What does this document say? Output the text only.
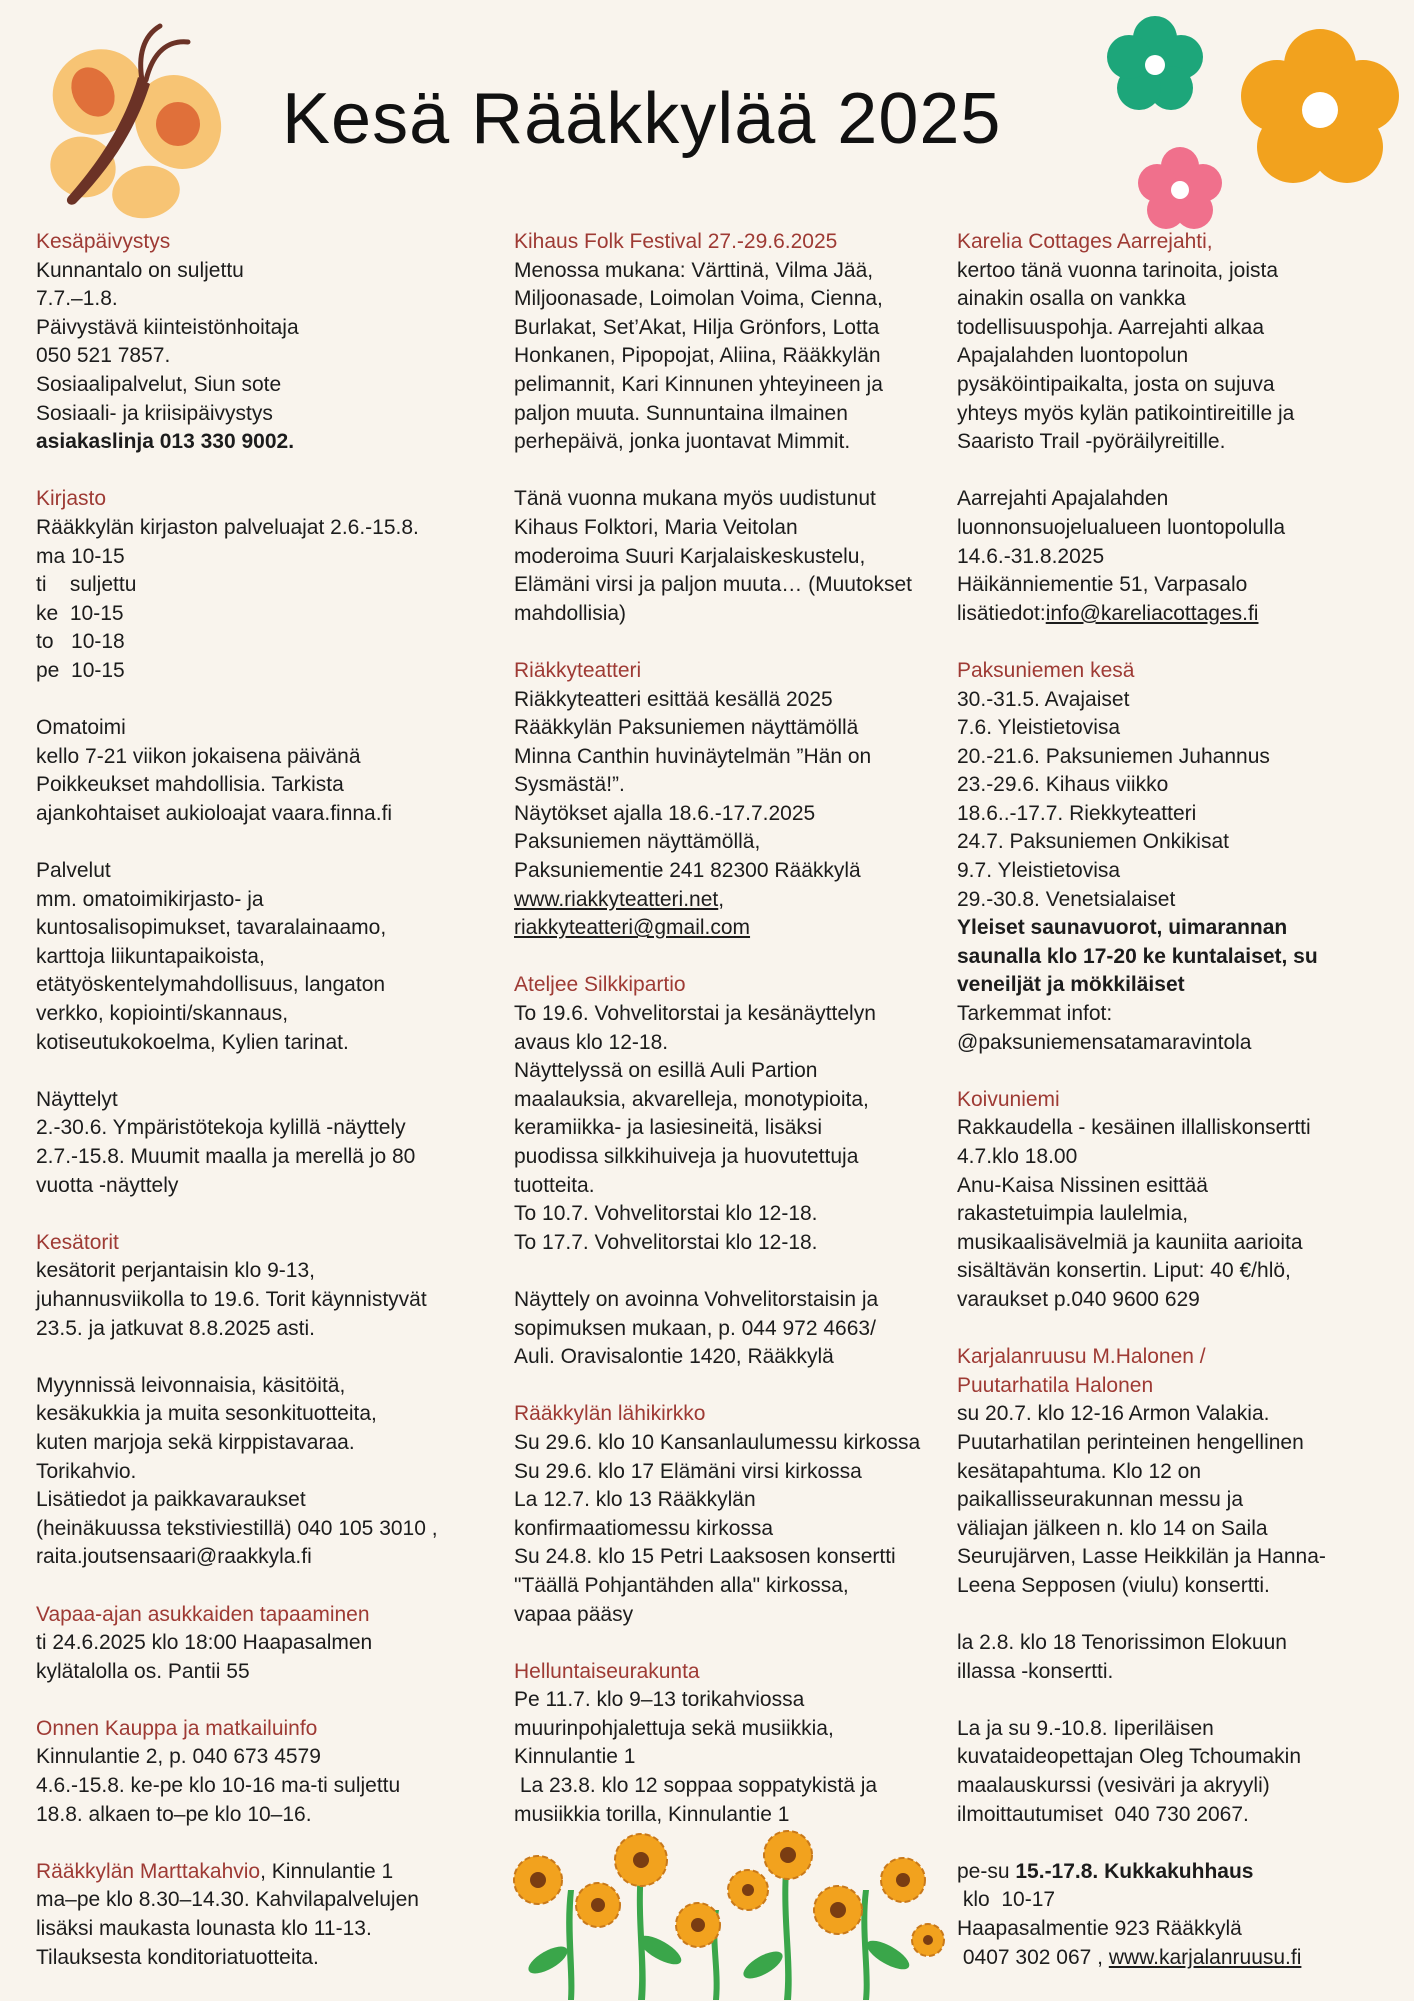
Kesä Rääkkylää 2025
Kesäpäivystys
Kunnantalo on suljettu
7.7.–1.8.
Päivystävä kiinteistönhoitaja
050 521 7857.
Sosiaalipalvelut, Siun sote
Sosiaali- ja kriisipäivystys
asiakaslinja 013 330 9002.
Kirjasto
Rääkkylän kirjaston palveluajat 2.6.-15.8.
ma 10-15
ti    suljettu
ke  10-15
to   10-18
pe  10-15
Omatoimi
kello 7-21 viikon jokaisena päivänä
Poikkeukset mahdollisia. Tarkista
ajankohtaiset aukioloajat vaara.finna.fi
Palvelut
mm. omatoimikirjasto- ja
kuntosalisopimukset, tavaralainaamo,
karttoja liikuntapaikoista,
etätyöskentelymahdollisuus, langaton
verkko, kopiointi/skannaus,
kotiseutukokoelma, Kylien tarinat.
Näyttelyt
2.-30.6. Ympäristötekoja kylillä -näyttely
2.7.-15.8. Muumit maalla ja merellä jo 80
vuotta -näyttely
Kesätorit
kesätorit perjantaisin klo 9-13,
juhannusviikolla to 19.6. Torit käynnistyvät
23.5. ja jatkuvat 8.8.2025 asti.
Myynnissä leivonnaisia, käsitöitä,
kesäkukkia ja muita sesonkituotteita,
kuten marjoja sekä kirppistavaraa.
Torikahvio.
Lisätiedot ja paikkavaraukset
(heinäkuussa tekstiviestillä) 040 105 3010 ,
raita.joutsensaari@raakkyla.fi
Vapaa-ajan asukkaiden tapaaminen
ti 24.6.2025 klo 18:00 Haapasalmen
kylätalolla os. Pantii 55
Onnen Kauppa ja matkailuinfo
Kinnulantie 2, p. 040 673 4579
4.6.-15.8. ke-pe klo 10-16 ma-ti suljettu
18.8. alkaen to–pe klo 10–16.
Rääkkylän Marttakahvio, Kinnulantie 1
ma–pe klo 8.30–14.30. Kahvilapalvelujen
lisäksi maukasta lounasta klo 11-13.
Tilauksesta konditoriatuotteita.
Kihaus Folk Festival 27.-29.6.2025
Menossa mukana: Värttinä, Vilma Jää,
Miljoonasade, Loimolan Voima, Cienna,
Burlakat, Set’Akat, Hilja Grönfors, Lotta
Honkanen, Pipopojat, Aliina, Rääkkylän
pelimannit, Kari Kinnunen yhteyineen ja
paljon muuta. Sunnuntaina ilmainen
perhepäivä, jonka juontavat Mimmit.
Tänä vuonna mukana myös uudistunut
Kihaus Folktori, Maria Veitolan
moderoima Suuri Karjalaiskeskustelu,
Elämäni virsi ja paljon muuta… (Muutokset
mahdollisia)
Riäkkyteatteri
Riäkkyteatteri esittää kesällä 2025
Rääkkylän Paksuniemen näyttämöllä
Minna Canthin huvinäytelmän ”Hän on
Sysmästä!”.
Näytökset ajalla 18.6.-17.7.2025
Paksuniemen näyttämöllä,
Paksuniementie 241 82300 Rääkkylä
www.riakkyteatteri.net,
riakkyteatteri@gmail.com
Ateljee Silkkipartio
To 19.6. Vohvelitorstai ja kesänäyttelyn
avaus klo 12-18.
Näyttelyssä on esillä Auli Partion
maalauksia, akvarelleja, monotypioita,
keramiikka- ja lasiesineitä, lisäksi
puodissa silkkihuiveja ja huovutettuja
tuotteita.
To 10.7. Vohvelitorstai klo 12-18.
To 17.7. Vohvelitorstai klo 12-18.
Näyttely on avoinna Vohvelitorstaisin ja
sopimuksen mukaan, p. 044 972 4663/
Auli. Oravisalontie 1420, Rääkkylä
Rääkkylän lähikirkko
Su 29.6. klo 10 Kansanlaulumessu kirkossa
Su 29.6. klo 17 Elämäni virsi kirkossa
La 12.7. klo 13 Rääkkylän
konfirmaatiomessu kirkossa
Su 24.8. klo 15 Petri Laaksosen konsertti
"Täällä Pohjantähden alla" kirkossa,
vapaa pääsy
Helluntaiseurakunta
Pe 11.7. klo 9–13 torikahviossa
muurinpohjalettuja sekä musiikkia,
Kinnulantie 1
La 23.8. klo 12 soppaa soppatykistä ja
musiikkia torilla, Kinnulantie 1
Karelia Cottages Aarrejahti,
kertoo tänä vuonna tarinoita, joista
ainakin osalla on vankka
todellisuuspohja. Aarrejahti alkaa
Apajalahden luontopolun
pysäköintipaikalta, josta on sujuva
yhteys myös kylän patikointireitille ja
Saaristo Trail -pyöräilyreitille.
Aarrejahti Apajalahden
luonnonsuojelualueen luontopolulla
14.6.-31.8.2025
Häikänniementie 51, Varpasalo
lisätiedot:info@kareliacottages.fi
Paksuniemen kesä
30.-31.5. Avajaiset
7.6. Yleistietovisa
20.-21.6. Paksuniemen Juhannus
23.-29.6. Kihaus viikko
18.6..-17.7. Riekkyteatteri
24.7. Paksuniemen Onkikisat
9.7. Yleistietovisa
29.-30.8. Venetsialaiset
Yleiset saunavuorot, uimarannan
saunalla klo 17-20 ke kuntalaiset, su
veneiljät ja mökkiläiset
Tarkemmat infot:
@paksuniemensatamaravintola
Koivuniemi
Rakkaudella - kesäinen illalliskonsertti
4.7.klo 18.00
Anu-Kaisa Nissinen esittää
rakastetuimpia laulelmia,
musikaalisävelmiä ja kauniita aarioita
sisältävän konsertin. Liput: 40 €/hlö,
varaukset p.040 9600 629
Karjalanruusu M.Halonen /
Puutarhatila Halonen
su 20.7. klo 12-16 Armon Valakia.
Puutarhatilan perinteinen hengellinen
kesätapahtuma. Klo 12 on
paikallisseurakunnan messu ja
väliajan jälkeen n. klo 14 on Saila
Seurujärven, Lasse Heikkilän ja Hanna-
Leena Sepposen (viulu) konsertti.
la 2.8. klo 18 Tenorissimon Elokuun
illassa -konsertti.
La ja su 9.-10.8. Iiperiläisen
kuvataideopettajan Oleg Tchoumakin
maalauskurssi (vesiväri ja akryyli)
ilmoittautumiset  040 730 2067.
pe-su 15.-17.8. Kukkakuhhaus
klo  10-17
Haapasalmentie 923 Rääkkylä
0407 302 067 , www.karjalanruusu.fi
